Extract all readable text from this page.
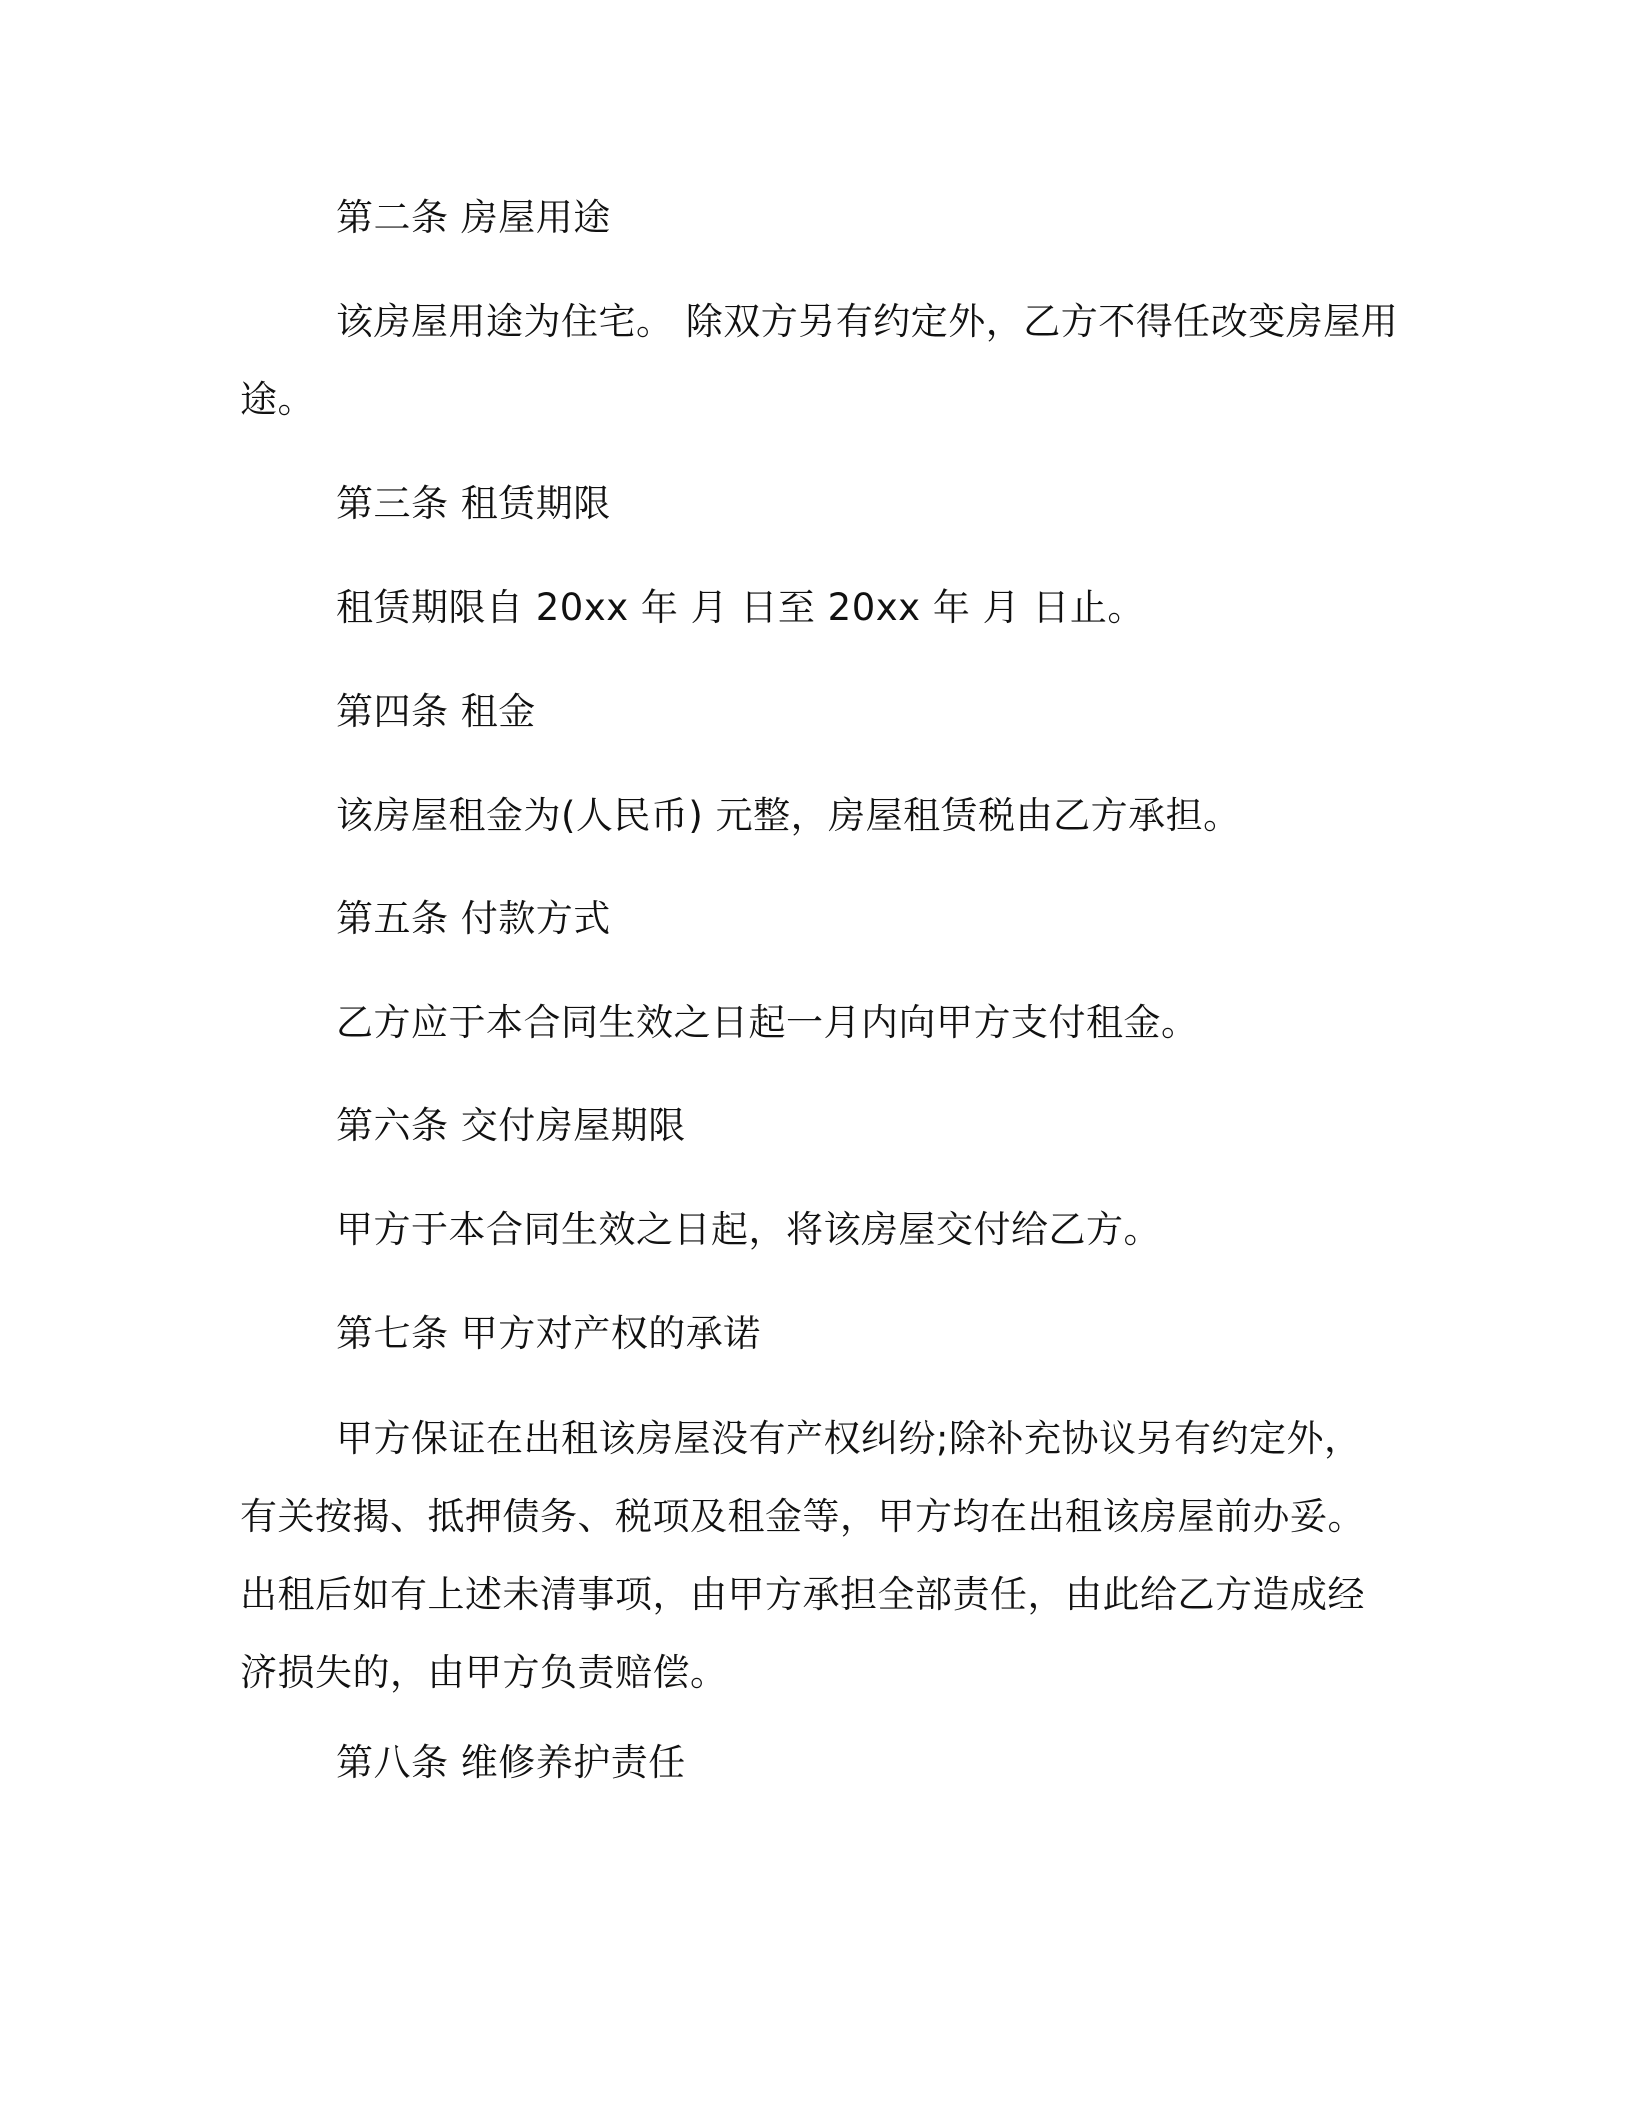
第二条 房屋用途
该房屋用途为住宅。 除双方另有约定外，乙方不得任改变房屋用
途。
第三条 租赁期限
租赁期限自 20xx 年 月 日至 20xx 年 月 日止。
第四条 租金
该房屋租金为(人民币) 元整，房屋租赁税由乙方承担。
第五条 付款方式
乙方应于本合同生效之日起一月内向甲方支付租金。
第六条 交付房屋期限
甲方于本合同生效之日起，将该房屋交付给乙方。
第七条 甲方对产权的承诺
甲方保证在出租该房屋没有产权纠纷;除补充协议另有约定外，
有关按揭、抵押债务、税项及租金等，甲方均在出租该房屋前办妥。
出租后如有上述未清事项，由甲方承担全部责任，由此给乙方造成经
济损失的，由甲方负责赔偿。
第八条 维修养护责任
